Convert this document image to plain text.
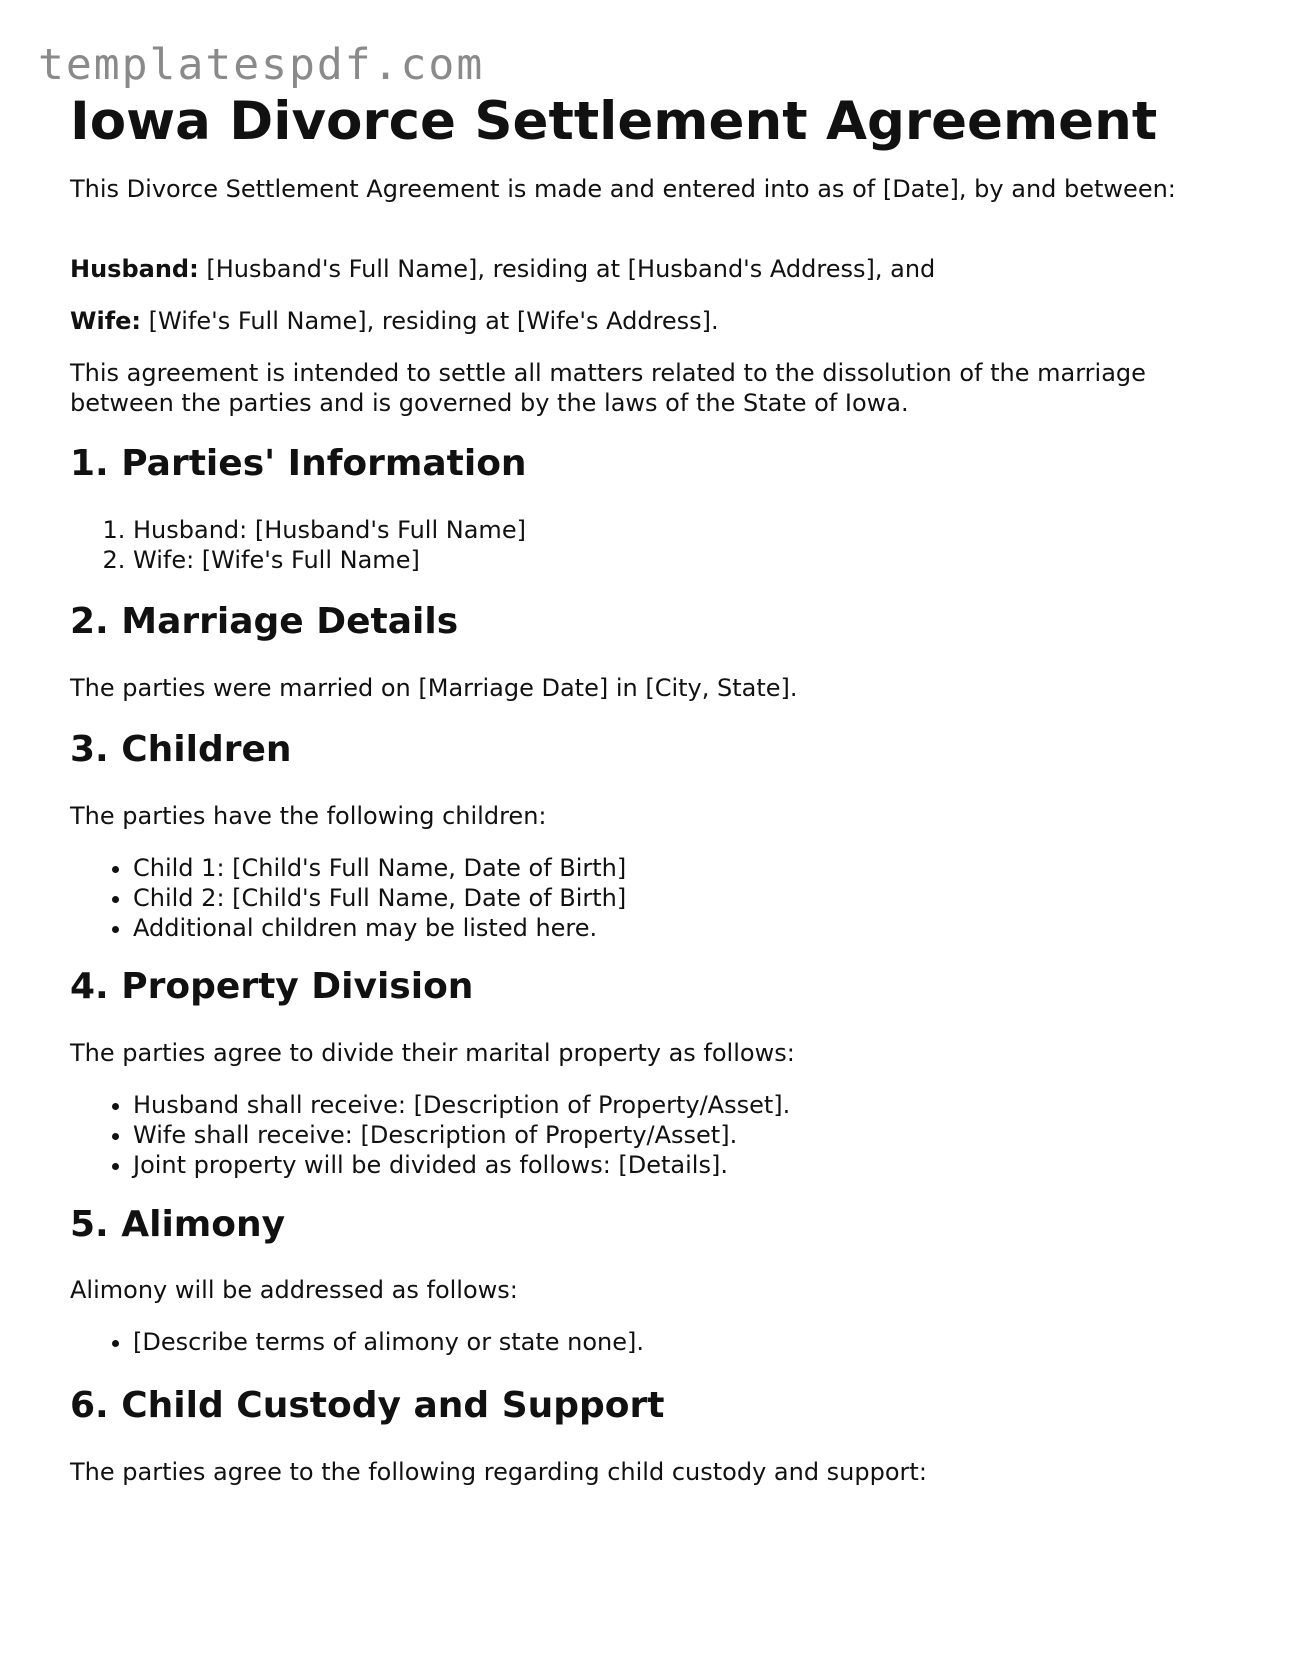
templatespdf.com
Iowa Divorce Settlement Agreement

This Divorce Settlement Agreement is made and entered into as of [Date], by and between:

Husband: [Husband's Full Name], residing at [Husband's Address], and

Wife: [Wife's Full Name], residing at [Wife's Address].

This agreement is intended to settle all matters related to the dissolution of the marriage between the parties and is governed by the laws of the State of Iowa.

1. Parties' Information
1. Husband: [Husband's Full Name]
2. Wife: [Wife's Full Name]
2. Marriage Details

The parties were married on [Marriage Date] in [City, State].

3. Children

The parties have the following children:

• Child 1: [Child's Full Name, Date of Birth]
• Child 2: [Child's Full Name, Date of Birth]
• Additional children may be listed here.
4. Property Division

The parties agree to divide their marital property as follows:

• Husband shall receive: [Description of Property/Asset].
• Wife shall receive: [Description of Property/Asset].
• Joint property will be divided as follows: [Details].
5. Alimony

Alimony will be addressed as follows:

• [Describe terms of alimony or state none].
6. Child Custody and Support

The parties agree to the following regarding child custody and support:
